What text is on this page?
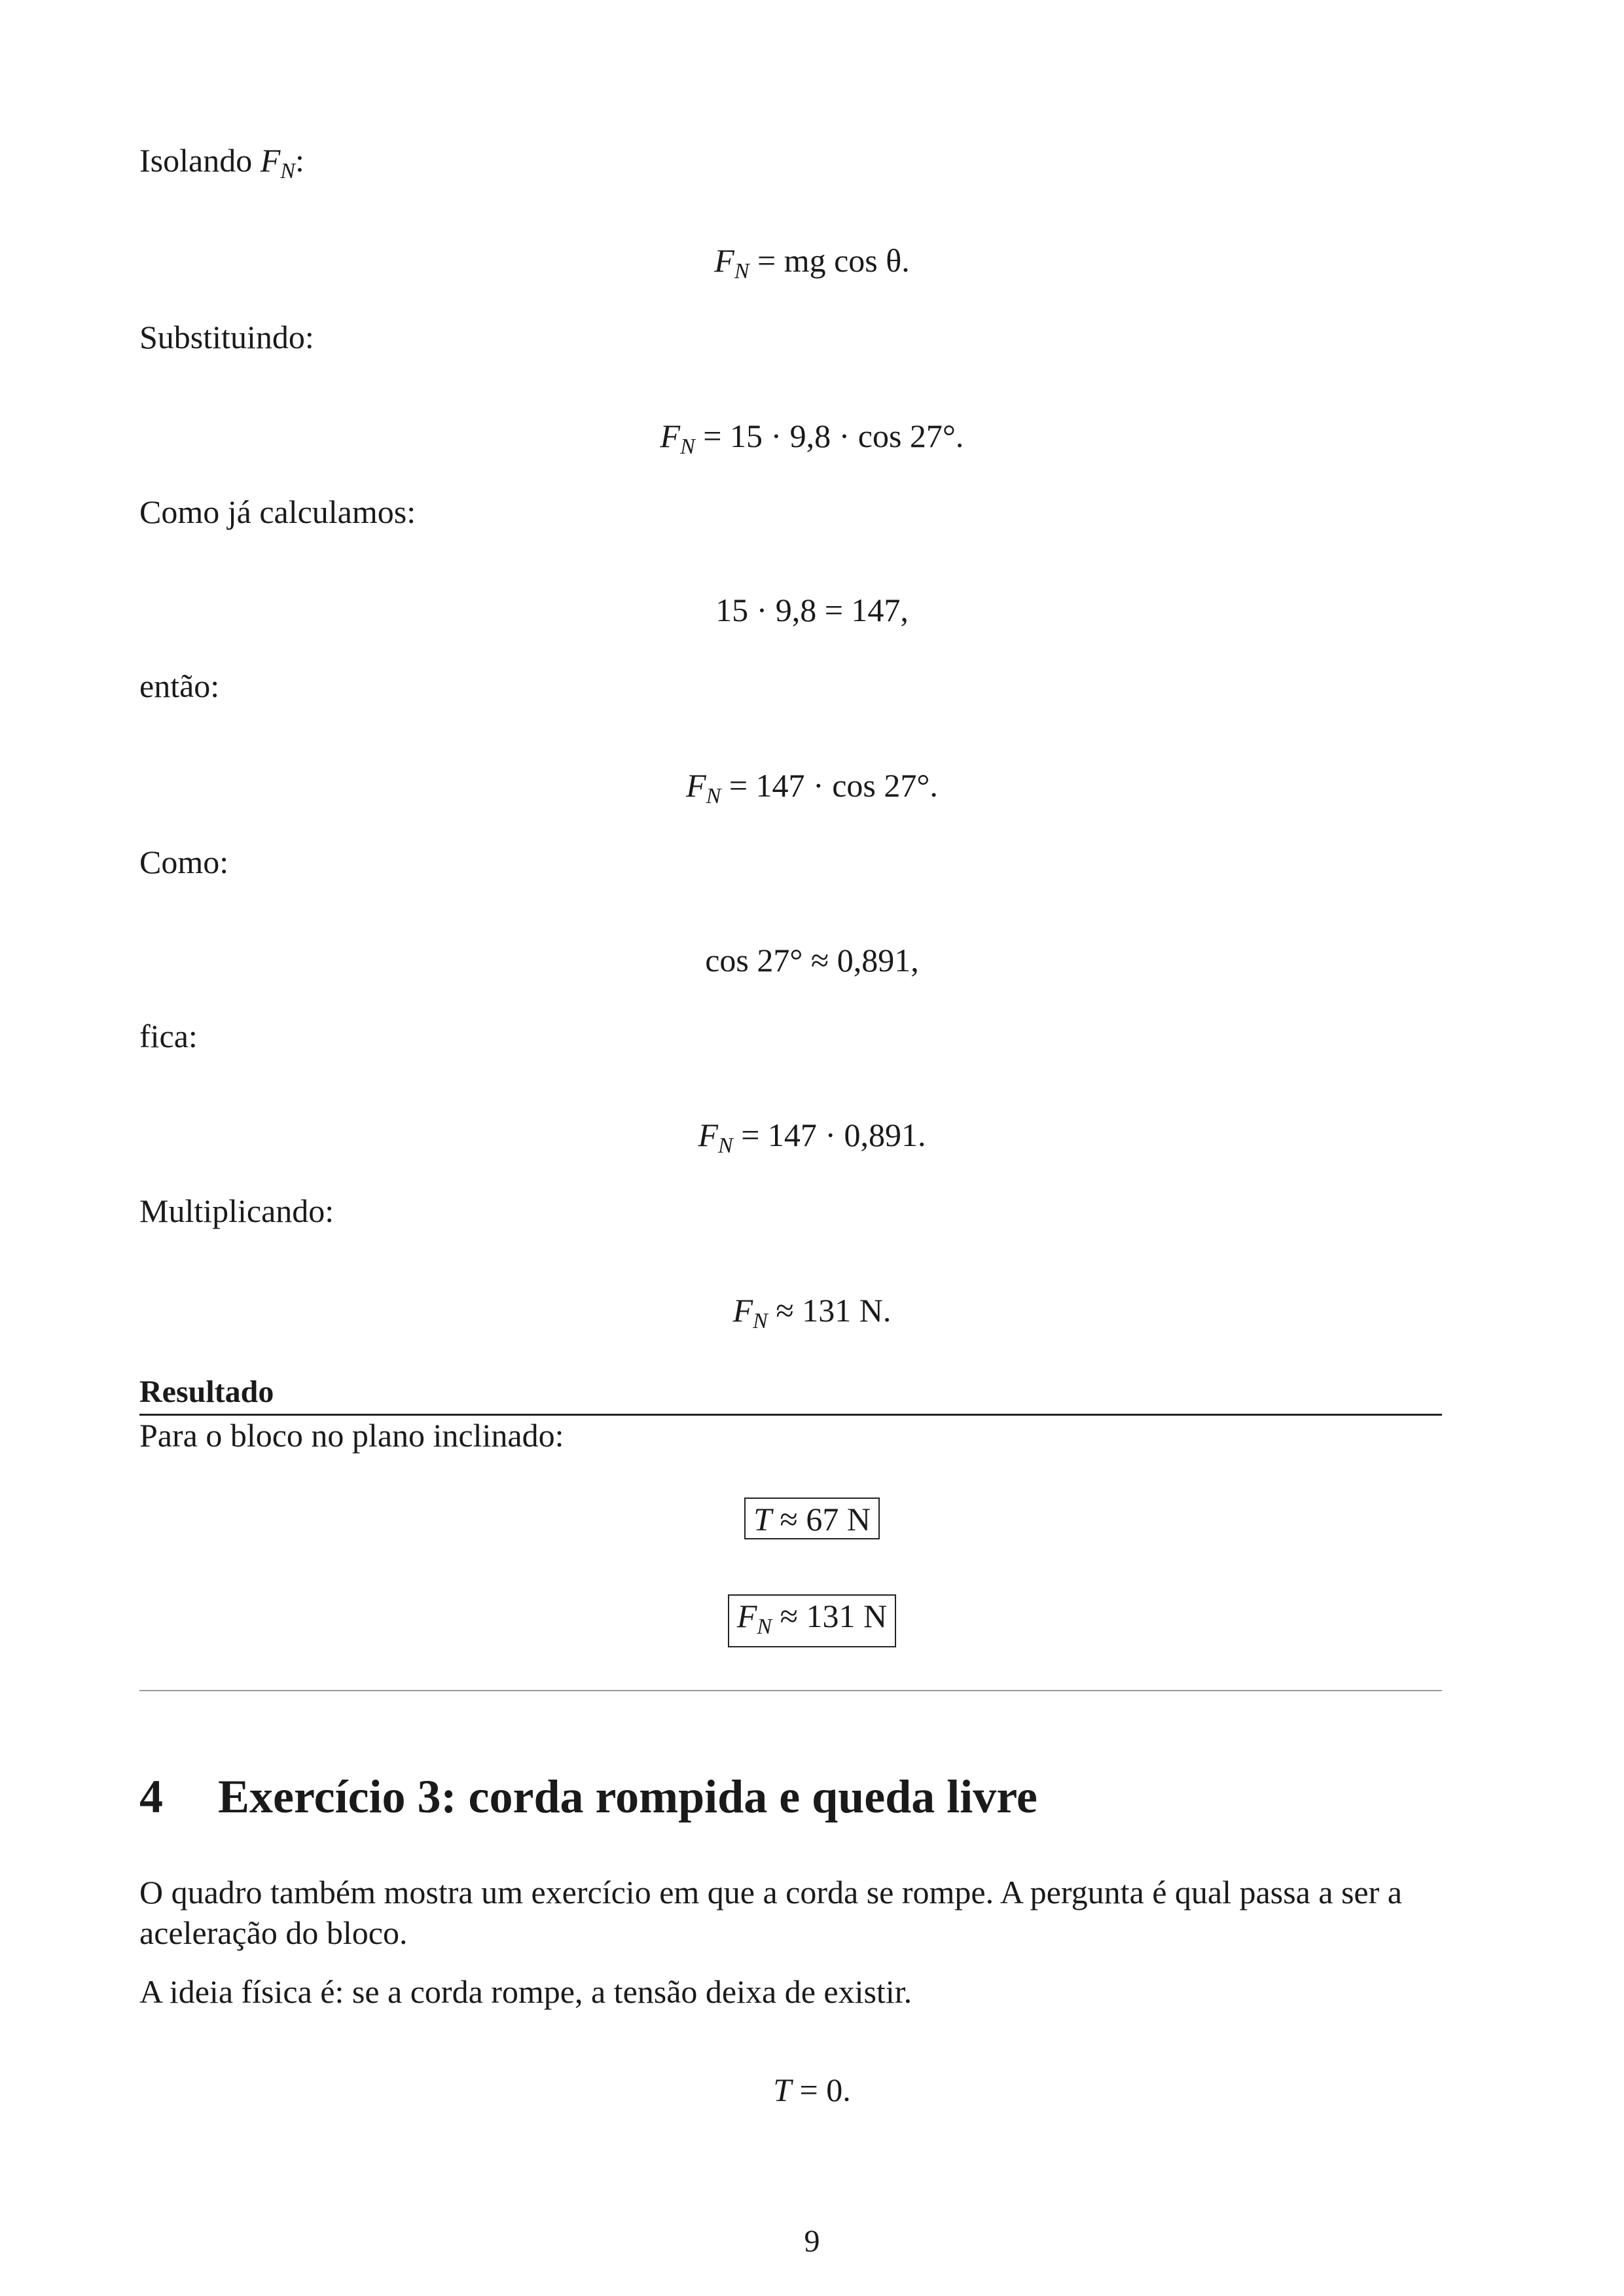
Isolando $F_N$:
$F_N$ = mg cos θ.
Substituindo:
$F_N = 15 \cdot 9,8 \cdot \cos 27^\circ$.
Como já calculamos:
15 · 9,8 = 147,
então:
$F_N = 147 \cdot \cos 27^\circ$.
Como:
cos 27° ≈ 0,891,
fica:
$F_N = 147 \cdot 0,891$.
Multiplicando:
$F_N \approx 131$ N.
Resultado
Para o bloco no plano inclinado:
T ≈ 67 N
$F_N \approx 131$ N
4 Exercício 3: corda rompida e queda livre
O quadro também mostra um exercício em que a corda se rompe. A pergunta é qual passa a ser a aceleração do bloco.
A ideia física é: se a corda rompe, a tensão deixa de existir.
T = 0.
9
